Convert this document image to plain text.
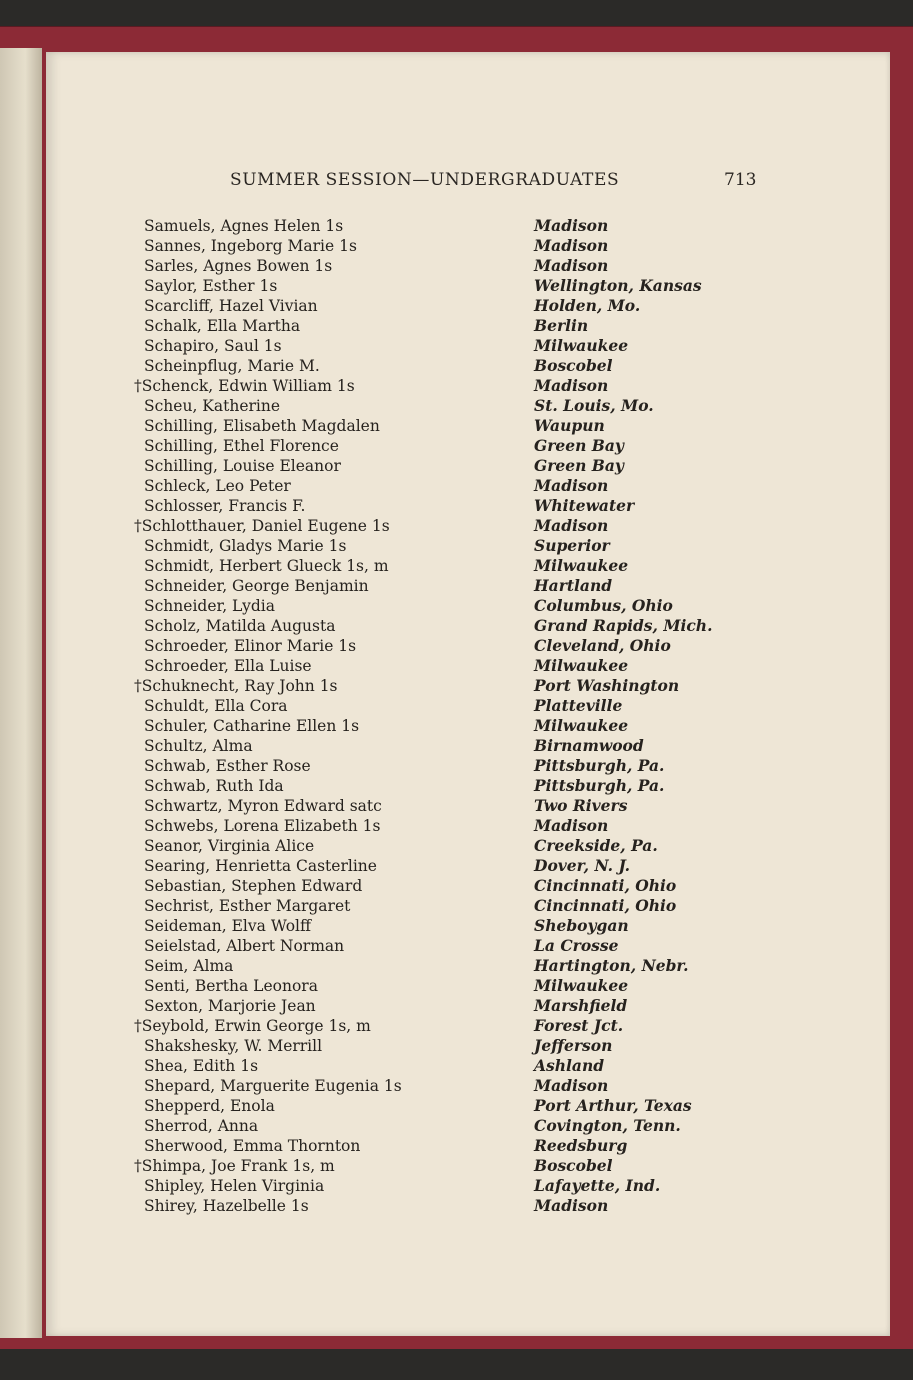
SUMMER SESSION—UNDERGRADUATES	713
Samuels, Agnes Helen 1s	Madison
Sannes, Ingeborg Marie 1s	Madison
Sarles, Agnes Bowen 1s	Madison
Saylor, Esther 1s	Wellington, Kansas
Scarcliff, Hazel Vivian	Holden, Mo.
Schalk, Ella Martha	Berlin
Schapiro, Saul 1s	Milwaukee
Scheinpflug, Marie M.	Boscobel
†Schenck, Edwin William 1s	Madison
Scheu, Katherine	St. Louis, Mo.
Schilling, Elisabeth Magdalen	Waupun
Schilling, Ethel Florence	Green Bay
Schilling, Louise Eleanor	Green Bay
Schleck, Leo Peter	Madison
Schlosser, Francis F.	Whitewater
†Schlotthauer, Daniel Eugene 1s	Madison
Schmidt, Gladys Marie 1s	Superior
Schmidt, Herbert Glueck 1s, m	Milwaukee
Schneider, George Benjamin	Hartland
Schneider, Lydia	Columbus, Ohio
Scholz, Matilda Augusta	Grand Rapids, Mich.
Schroeder, Elinor Marie 1s	Cleveland, Ohio
Schroeder, Ella Luise	Milwaukee
†Schuknecht, Ray John 1s	Port Washington
Schuldt, Ella Cora	Platteville
Schuler, Catharine Ellen 1s	Milwaukee
Schultz, Alma	Birnamwood
Schwab, Esther Rose	Pittsburgh, Pa.
Schwab, Ruth Ida	Pittsburgh, Pa.
Schwartz, Myron Edward satc	Two Rivers
Schwebs, Lorena Elizabeth 1s	Madison
Seanor, Virginia Alice	Creekside, Pa.
Searing, Henrietta Casterline	Dover, N. J.
Sebastian, Stephen Edward	Cincinnati, Ohio
Sechrist, Esther Margaret	Cincinnati, Ohio
Seideman, Elva Wolff	Sheboygan
Seielstad, Albert Norman	La Crosse
Seim, Alma	Hartington, Nebr.
Senti, Bertha Leonora	Milwaukee
Sexton, Marjorie Jean	Marshfield
†Seybold, Erwin George 1s, m	Forest Jct.
Shakshesky, W. Merrill	Jefferson
Shea, Edith 1s	Ashland
Shepard, Marguerite Eugenia 1s	Madison
Shepperd, Enola	Port Arthur, Texas
Sherrod, Anna	Covington, Tenn.
Sherwood, Emma Thornton	Reedsburg
†Shimpa, Joe Frank 1s, m	Boscobel
Shipley, Helen Virginia	Lafayette, Ind.
Shirey, Hazelbelle 1s	Madison
